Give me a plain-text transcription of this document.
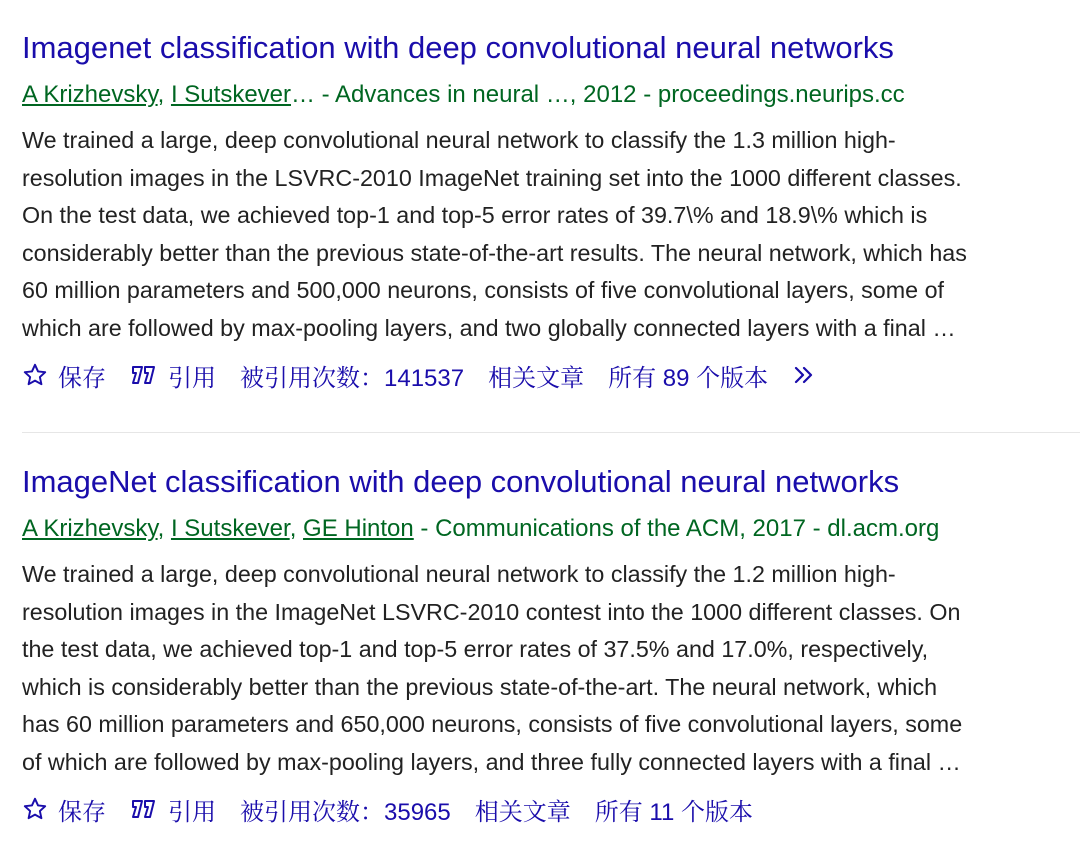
Imagenet classification with deep convolutional neural networks
A Krizhevsky, I Sutskever… - Advances in neural …, 2012 - proceedings.neurips.cc
We trained a large, deep convolutional neural network to classify the 1.3 million high-
resolution images in the LSVRC-2010 ImageNet training set into the 1000 different classes.
On the test data, we achieved top-1 and top-5 error rates of 39.7\% and 18.9\% which is
considerably better than the previous state-of-the-art results. The neural network, which has
60 million parameters and 500,000 neurons, consists of five convolutional layers, some of
which are followed by max-pooling layers, and two globally connected layers with a final …
保存	引用 被引用次数：141537 相关文章 所有 89 个版本
ImageNet classification with deep convolutional neural networks
A Krizhevsky, I Sutskever, GE Hinton - Communications of the ACM, 2017 - dl.acm.org
We trained a large, deep convolutional neural network to classify the 1.2 million high-
resolution images in the ImageNet LSVRC-2010 contest into the 1000 different classes. On
the test data, we achieved top-1 and top-5 error rates of 37.5% and 17.0%, respectively,
which is considerably better than the previous state-of-the-art. The neural network, which
has 60 million parameters and 650,000 neurons, consists of five convolutional layers, some
of which are followed by max-pooling layers, and three fully connected layers with a final …
保存	引用 被引用次数：35965 相关文章 所有 11 个版本
